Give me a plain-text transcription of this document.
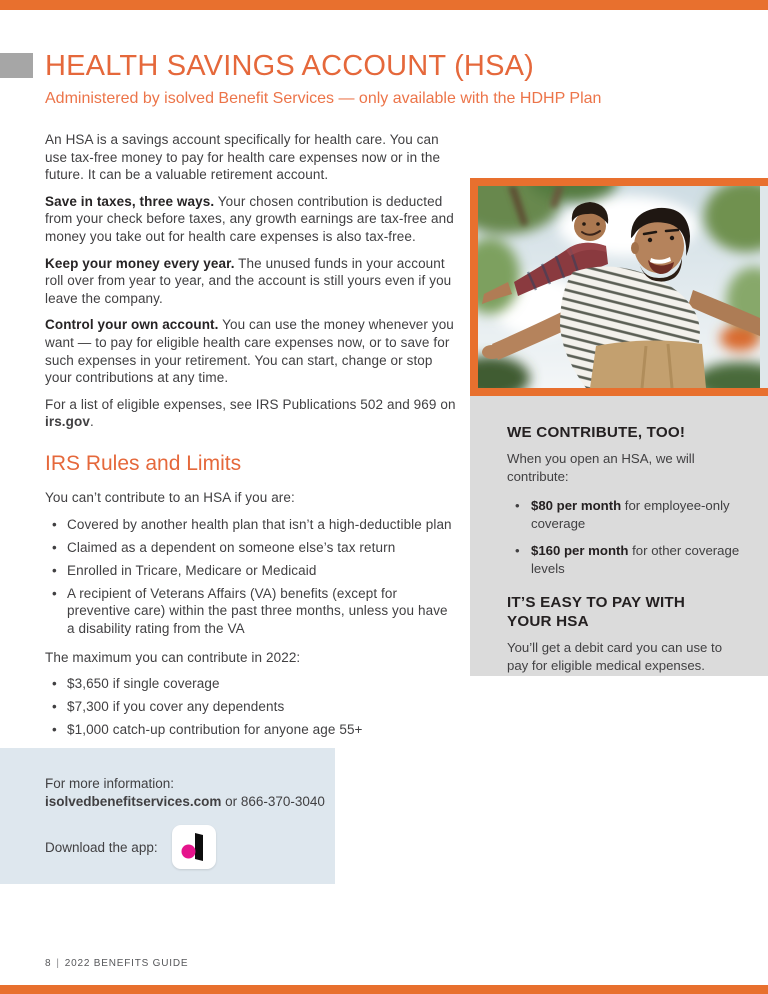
HEALTH SAVINGS ACCOUNT (HSA)
Administered by isolved Benefit Services — only available with the HDHP Plan

An HSA is a savings account specifically for health care. You can use tax-free money to pay for health care expenses now or in the future. It can be a valuable retirement account.

Save in taxes, three ways. Your chosen contribution is deducted from your check before taxes, any growth earnings are tax-free and money you take out for health care expenses is also tax-free.

Keep your money every year. The unused funds in your account roll over from year to year, and the account is still yours even if you leave the company.

Control your own account. You can use the money whenever you want — to pay for eligible health care expenses now, or to save for such expenses in your retirement. You can start, change or stop your contributions at any time.

For a list of eligible expenses, see IRS Publications 502 and 969 on irs.gov.

IRS Rules and Limits

You can’t contribute to an HSA if you are:

• Covered by another health plan that isn’t a high-deductible plan
• Claimed as a dependent on someone else’s tax return
• Enrolled in Tricare, Medicare or Medicaid
• A recipient of Veterans Affairs (VA) benefits (except for preventive care) within the past three months, unless you have a disability rating from the VA

The maximum you can contribute in 2022:

• $3,650 if single coverage
• $7,300 if you cover any dependents
• $1,000 catch-up contribution for anyone age 55+
WE CONTRIBUTE, TOO!

When you open an HSA, we will contribute:

• $80 per month for employee-only coverage
• $160 per month for other coverage levels
IT’S EASY TO PAY WITH YOUR HSA

You’ll get a debit card you can use to pay for eligible medical expenses.

For more information:

isolvedbenefitservices.com or 866-370-3040

Download the app:

8 | 2022 BENEFITS GUIDE
